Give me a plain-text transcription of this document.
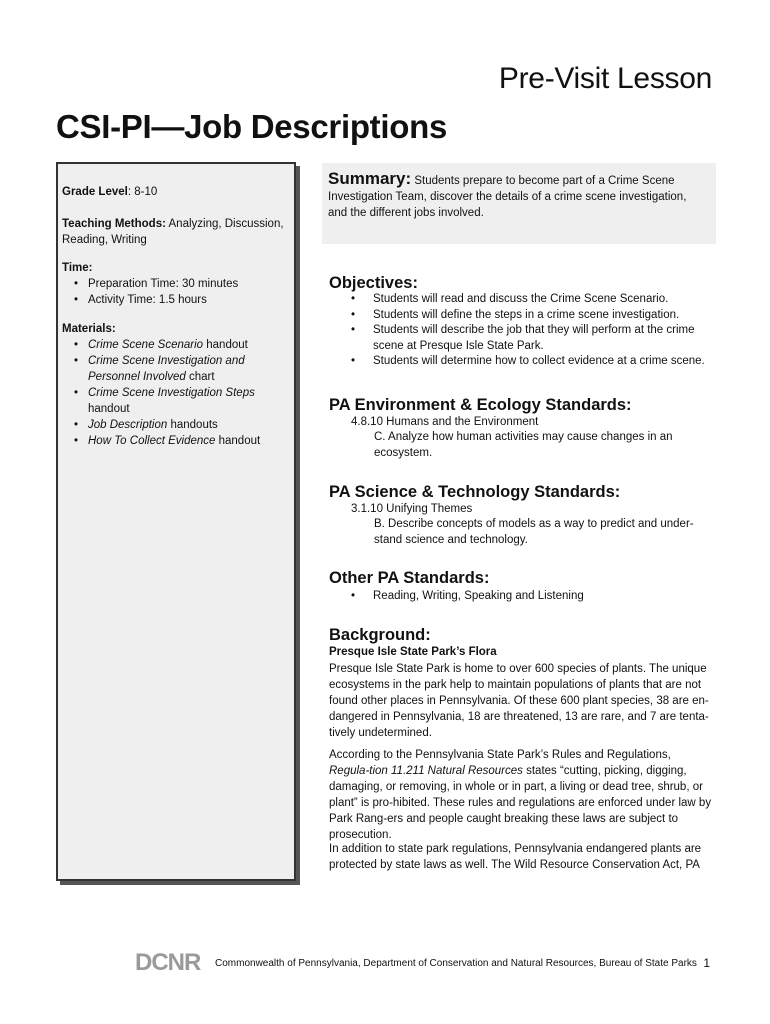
Pre-Visit Lesson
CSI-PI—Job Descriptions
Grade Level: 8-10
Teaching Methods: Analyzing, Discussion, Reading, Writing
Time:
• Preparation Time: 30 minutes
• Activity Time: 1.5 hours
Materials:
• Crime Scene Scenario handout
• Crime Scene Investigation and Personnel Involved chart
• Crime Scene Investigation Steps handout
• Job Description handouts
• How To Collect Evidence handout
Summary: Students prepare to become part of a Crime Scene Investigation Team, discover the details of a crime scene investigation, and the different jobs involved.
Objectives:
• Students will read and discuss the Crime Scene Scenario.
• Students will define the steps in a crime scene investigation.
• Students will describe the job that they will perform at the crime scene at Presque Isle State Park.
• Students will determine how to collect evidence at a crime scene.
PA Environment & Ecology Standards:
4.8.10 Humans and the Environment
C. Analyze how human activities may cause changes in an ecosystem.
PA Science & Technology Standards:
3.1.10 Unifying Themes
B. Describe concepts of models as a way to predict and under-stand science and technology.
Other PA Standards:
• Reading, Writing, Speaking and Listening
Background:
Presque Isle State Park’s Flora

Presque Isle State Park is home to over 600 species of plants. The unique ecosystems in the park help to maintain populations of plants that are not found other places in Pennsylvania. Of these 600 plant species, 38 are en-dangered in Pennsylvania, 18 are threatened, 13 are rare, and 7 are tenta-tively undetermined.

According to the Pennsylvania State Park’s Rules and Regulations, Regula-tion 11.211 Natural Resources states “cutting, picking, digging, damaging, or removing, in whole or in part, a living or dead tree, shrub, or plant” is pro-hibited. These rules and regulations are enforced under law by Park Rang-ers and people caught breaking these laws are subject to prosecution.

In addition to state park regulations, Pennsylvania endangered plants are protected by state laws as well. The Wild Resource Conservation Act, PA

DCNR Commonwealth of Pennsylvania, Department of Conservation and Natural Resources, Bureau of State Parks 1
